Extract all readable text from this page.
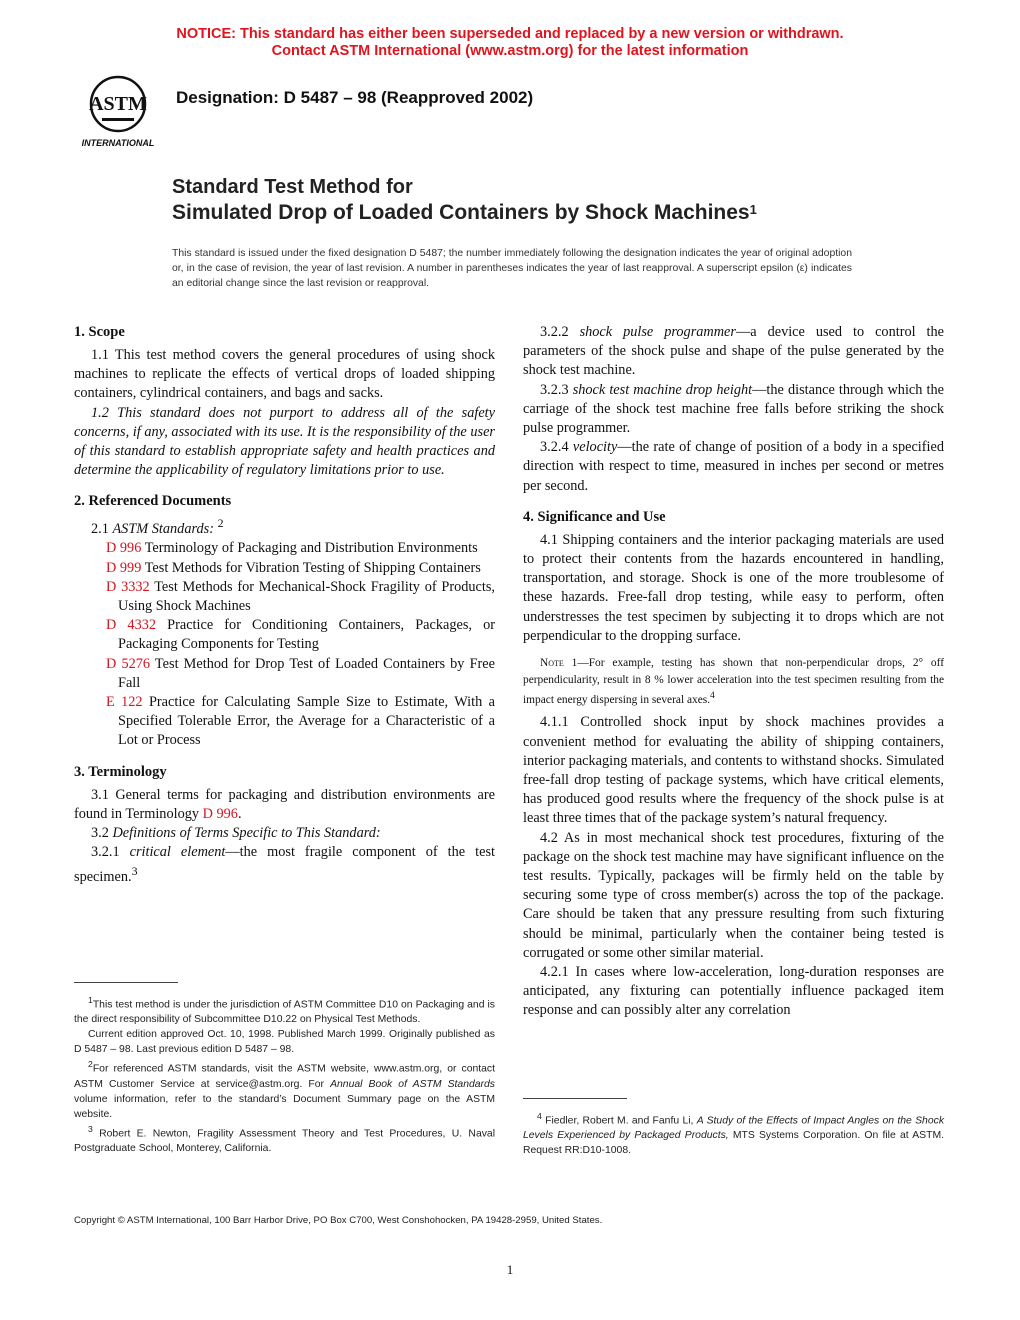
NOTICE: This standard has either been superseded and replaced by a new version or withdrawn.
Contact ASTM International (www.astm.org) for the latest information
ASTM
INTERNATIONAL
Designation: D 5487 – 98 (Reapproved 2002)
Standard Test Method for
Simulated Drop of Loaded Containers by Shock Machines$^1$
This standard is issued under the fixed designation D 5487; the number immediately following the designation indicates the year of original adoption or, in the case of revision, the year of last revision. A number in parentheses indicates the year of last reapproval. A superscript epsilon (ε) indicates an editorial change since the last revision or reapproval.
1. Scope

1.1 This test method covers the general procedures of using shock machines to replicate the effects of vertical drops of loaded shipping containers, cylindrical containers, and bags and sacks.

1.2 This standard does not purport to address all of the safety concerns, if any, associated with its use. It is the responsibility of the user of this standard to establish appropriate safety and health practices and determine the applicability of regulatory limitations prior to use.

2. Referenced Documents

2.1 ASTM Standards: $^2$

D 996 Terminology of Packaging and Distribution Environments

D 999 Test Methods for Vibration Testing of Shipping Containers

D 3332 Test Methods for Mechanical-Shock Fragility of Products, Using Shock Machines

D 4332 Practice for Conditioning Containers, Packages, or Packaging Components for Testing

D 5276 Test Method for Drop Test of Loaded Containers by Free Fall

E 122 Practice for Calculating Sample Size to Estimate, With a Specified Tolerable Error, the Average for a Characteristic of a Lot or Process

3. Terminology

3.1 General terms for packaging and distribution environments are found in Terminology D 996.

3.2 Definitions of Terms Specific to This Standard:

3.2.1 critical element—the most fragile component of the test specimen.$^3$

$^1$This test method is under the jurisdiction of ASTM Committee D10 on Packaging and is the direct responsibility of Subcommittee D10.22 on Physical Test Methods.

Current edition approved Oct. 10, 1998. Published March 1999. Originally published as D 5487 – 98. Last previous edition D 5487 – 98.

$^2$For referenced ASTM standards, visit the ASTM website, www.astm.org, or contact ASTM Customer Service at service@astm.org. For Annual Book of ASTM Standards volume information, refer to the standard’s Document Summary page on the ASTM website.

$^3$ Robert E. Newton, Fragility Assessment Theory and Test Procedures, U. Naval Postgraduate School, Monterey, California.

3.2.2 shock pulse programmer—a device used to control the parameters of the shock pulse and shape of the pulse generated by the shock test machine.

3.2.3 shock test machine drop height—the distance through which the carriage of the shock test machine free falls before striking the shock pulse programmer.

3.2.4 velocity—the rate of change of position of a body in a specified direction with respect to time, measured in inches per second or metres per second.

4. Significance and Use

4.1 Shipping containers and the interior packaging materials are used to protect their contents from the hazards encountered in handling, transportation, and storage. Shock is one of the more troublesome of these hazards. Free-fall drop testing, while easy to perform, often understresses the test specimen by subjecting it to drops which are not perpendicular to the dropping surface.

Note 1—For example, testing has shown that non-perpendicular drops, 2° off perpendicularity, result in 8 % lower acceleration into the test specimen resulting from the impact energy dispersing in several axes.$^4$

4.1.1 Controlled shock input by shock machines provides a convenient method for evaluating the ability of shipping containers, interior packaging materials, and contents to withstand shocks. Simulated free-fall drop testing of package systems, which have critical elements, has produced good results where the frequency of the shock pulse is at least three times that of the package system’s natural frequency.

4.2 As in most mechanical shock test procedures, fixturing of the package on the shock test machine may have significant influence on the test results. Typically, packages will be firmly held on the table by securing some type of cross member(s) across the top of the package. Care should be taken that any pressure resulting from such fixturing should be minimal, particularly when the container being tested is corrugated or some other similar material.

4.2.1 In cases where low-acceleration, long-duration responses are anticipated, any fixturing can potentially influence packaged item response and can possibly alter any correlation

$^4$ Fiedler, Robert M. and Fanfu Li, A Study of the Effects of Impact Angles on the Shock Levels Experienced by Packaged Products, MTS Systems Corporation. On file at ASTM. Request RR:D10-1008.

Copyright © ASTM International, 100 Barr Harbor Drive, PO Box C700, West Conshohocken, PA 19428-2959, United States.
1
